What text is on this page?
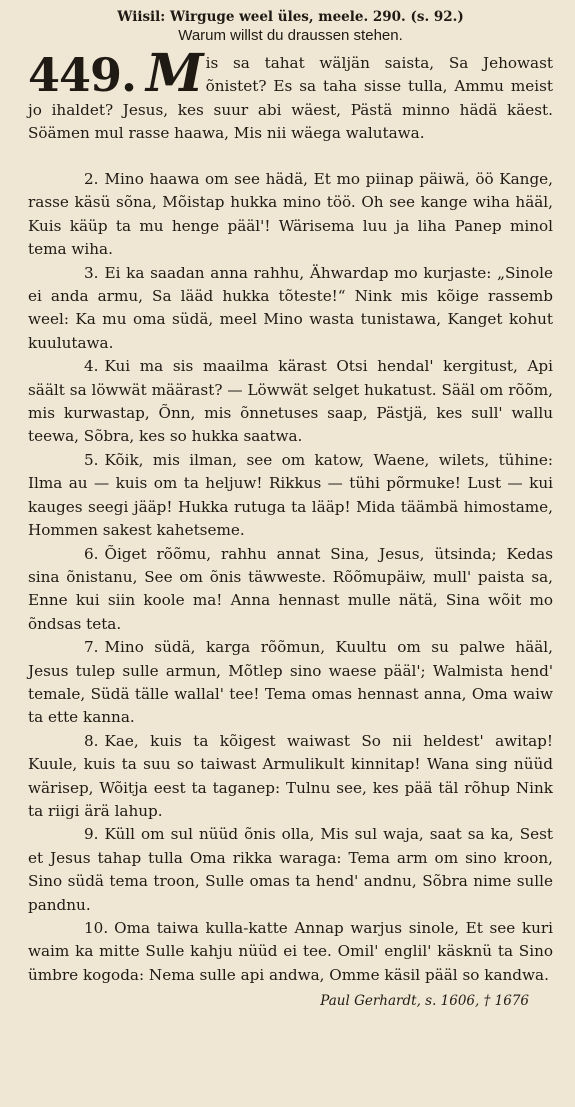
Wiisil: Wirguge weel üles, meele. 290. (s. 92.)
Warum willst du draussen stehen.
449. M is sa tahat wäljän saista, Sa Jehowast õnistet? Es sa taha sisse tulla, Ammu meist jo ihaldet? Jesus, kes suur abi wäest, Pästä minno hädä käest. Söämen mul rasse haawa, Mis nii wäega walutawa.

2. Mino haawa om see hädä, Et mo piinap päiwä, öö Kange, rasse käsü sõna, Mõistap hukka mino töö. Oh see kange wiha hääl, Kuis käüp ta mu henge pääl'! Wärisema luu ja liha Panep minol tema wiha.

3. Ei ka saadan anna rahhu, Ähwardap mo kurjaste: „Sinole ei anda armu, Sa lääd hukka tõteste!“ Nink mis kõige rassemb weel: Ka mu oma südä, meel Mino wasta tunistawa, Kanget kohut kuulutawa.

4. Kui ma sis maailma kärast Otsi hendal' kergitust, Api säält sa löwwät määrast? — Löwwät selget hukatust. Sääl om rõõm, mis kurwastap, Õnn, mis õnnetuses saap, Pästjä, kes sull' wallu teewa, Sõbra, kes so hukka saatwa.

5. Kõik, mis ilman, see om katow, Waene, wilets, tühine: Ilma au — kuis om ta heljuw! Rikkus — tühi põrmuke! Lust — kui kauges seegi jääp! Hukka rutuga ta lääp! Mida täämbä himostame, Hommen sakest kahetseme.

6. Õiget rõõmu, rahhu annat Sina, Jesus, ütsinda; Kedas sina õnistanu, See om õnis täwweste. Rõõmupäiw, mull' paista sa, Enne kui siin koole ma! Anna hennast mulle nätä, Sina wõit mo õndsas teta.

7. Mino südä, karga rõõmun, Kuultu om su palwe hääl, Jesus tulep sulle armun, Mõtlep sino waese pääl'; Walmista hend' temale, Südä tälle wallal' tee! Tema omas hennast anna, Oma waiw ta ette kanna.

8. Kae, kuis ta kõigest waiwast So nii heldest' awitap! Kuule, kuis ta suu so taiwast Armulikult kinnitap! Wana sing nüüd wärisep, Wõitja eest ta taganep: Tulnu see, kes pää täl rõhup Nink ta riigi ärä lahup.

9. Küll om sul nüüd õnis olla, Mis sul waja, saat sa ka, Sest et Jesus tahap tulla Oma rikka waraga: Tema arm om sino kroon, Sino südä tema troon, Sulle omas ta hend' andnu, Sõbra nime sulle pandnu.

10. Oma taiwa kulla-katte Annap warjus sinole, Et see kuri waim ka mitte Sulle kahju nüüd ei tee. Omil' englil' käsknü ta Sino ümbre kogoda: Nema sulle api andwa, Omme käsil pääl so kandwa.

Paul Gerhardt, s. 1606, † 1676
